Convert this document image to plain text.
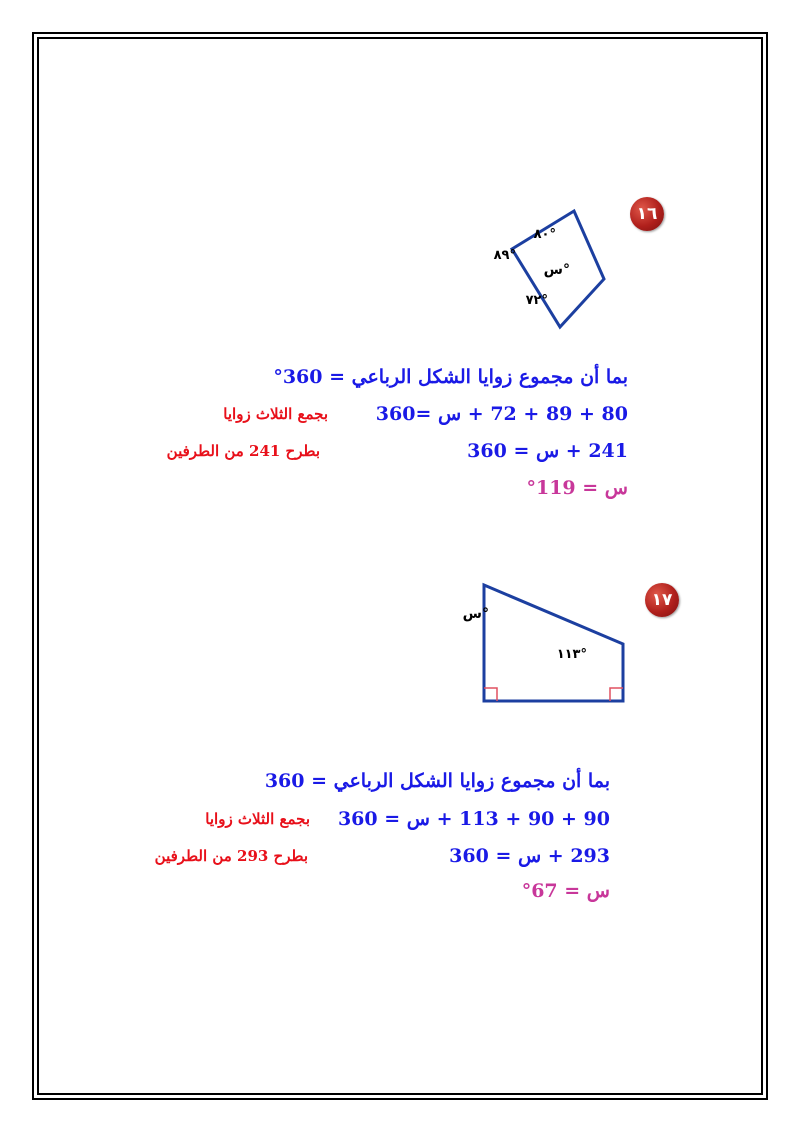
١٦
°٨٠
°٨٩
°س
°٧٢
بما أن مجموع زوايا الشكل الرباعي = 360°
80 + 89 + 72 + س =360
بجمع الثلاث زوايا
241 + س = 360
بطرح 241 من الطرفين
س = 119°
١٧
°س
°١١٣
بما أن مجموع زوايا الشكل الرباعي = 360
90 + 90 + 113 + س = 360
بجمع الثلاث زوايا
293 + س = 360
بطرح 293 من الطرفين
س = 67°
